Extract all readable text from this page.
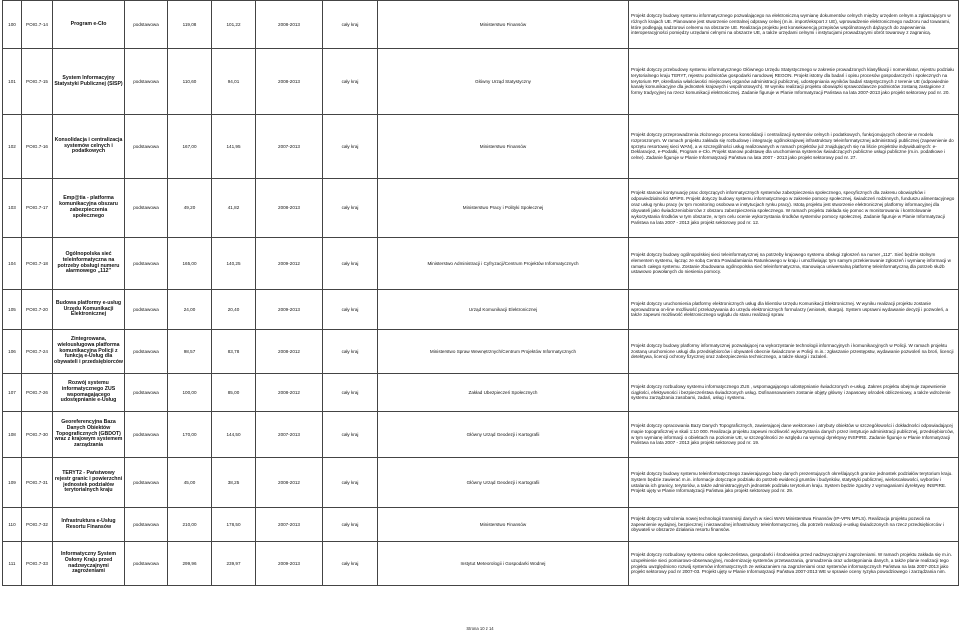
100	POIG.7-14	Program e-Cło	podstawowa	119,08	101,22	2008-2013	cały kraj	Ministerstwo Finansów	Projekt dotyczy budowy systemu informatycznego pozwalającego na elektroniczną wymianę dokumentów celnych między urzędem celnym a zgłaszającym w różnych krajach UE. Planowane jest stworzenie centralnej odprawy celnej (m.in. import/eksport z UE), wprowadzenie elektronicznego nadzoru nad towarami, które podlegają nadzorowi celnemu na obszarze UE. Realizacja projektu jest konsekwencją przepisów wspólnotowych dążących do zapewnienia interoperacyjności pomiędzy urzędami celnymi na obszarze UE, a także urzędami celnymi i instytucjami prowadzącymi obrót towarowy z zagranicą.
101	POIG.7-15	System Informacyjny Statystyki Publicznej (SISP)	podstawowa	110,60	94,01	2008-2013	cały kraj	Główny Urząd Statystyczny	Projekt dotyczy przebudowy systemu informatycznego Głównego Urzędu Statystycznego w zakresie prowadzonych klasyfikacji i nomenklatur, rejestru podziału terytorialnego kraju TERYT, rejestru podmiotów gospodarki narodowej REGON. Projekt istotny dla badań i opisu procesów gospodarczych i społecznych na terytorium RP, określania właściwości miejscowej organów administracji publicznej, udostępniania wyników badań statystycznych z terenie UE (odpowiednie kanały komunikacyjne dla jednostek krajowych i wspólnotowych). W wyniku realizacji projektu obowiązki sprawozdawcze podmiotów zostaną zastąpione z formy tradycyjnej na rzecz komunikacji elektronicznej. Zadanie figuruje w Planie Informatyzacji Państwa na lata 2007-2013 jako projekt sektorowy pod nr. 20.
102	POIG.7-16	Konsolidacja i centralizacja systemów celnych i podatkowych	podstawowa	167,00	141,95	2007-2013	cały kraj	Ministerstwo Finansów	Projekt dotyczy przeprowadzenia złożonego procesu konsolidacji i centralizacji systemów celnych i podatkowych, funkcjonujących obecnie w modelu rozproszonym. W ramach projektu zakłada się rozbudowę i integrację ogólnokrajowej infrastruktury teleinformatycznej administracji publicznej (zapewnienie do sprzętu resortowej sieci WAN), a w szczególności usług realizowanych w ramach projektów już znajdujących się na liście projektów indywidualnych: e-Deklaracje2, e-Podatki, Program e-Cło. Projekt stanowi podstawę dla uruchomienia systemów świadczących publiczne usługi publiczne (m.in. podatkowe i celne). Zadanie figuruje w Planie Informatyzacji Państwa na lata 2007 - 2013 jako projekt sektorowy pod nr. 27.
103	POIG.7-17	Emp@tia - platforma komunikacyjna obszaru zabezpieczenia społecznego	podstawowa	49,20	41,82	2008-2013	cały kraj	Ministerstwo Pracy i Polityki Społecznej	Projekt stanowi kontynuację prac dotyczących informatycznych systemów zabezpieczenia społecznego, specyficznych dla zakresu obowiązków i odpowiedzialności MPiPS. Projekt dotyczy budowy systemu informatycznego w zakresie pomocy społecznej, świadczeń rodzinnych, funduszu alimentacyjnego oraz usług rynku pracy (w tym monitoring osobowa w instytucjach rynku pracy). Istotą projektu jest stworzenie elektronicznej platformy informacyjnej dla obywateli jako świadczeniobiorców z obszaru zabezpieczenia społecznego. W ramach projektu zakłada się pomoc w monitorowaniu i kontrolowanie wykorzystania środków w tym obszarze, w tym celu ocenie wykorzystania środków systemów pomocy społecznej. Zadanie figuruje w Planie Informatyzacji Państwa na lata 2007 - 2013 jako projekt sektorowy pod nr. 12.
104	POIG.7-18	Ogólnopolska sieć teleinformatyczna na potrzeby obsługi numeru alarmowego „112”	podstawowa	165,00	140,25	2009-2012	cały kraj	Ministerstwo Administracji i Cyfryzacji/Centrum Projektów Informatycznych	Projekt dotyczy budowy ogólnopolskiej sieci teleinformatycznej na potrzeby krajowego systemu obsługi zgłoszeń na numer „112”. Sieć będzie stolnym elementem systemu, łącząc ze sobą Centra Powiadamiania Ratunkowego w kraju i umożliwiając tym samym przekierowanie zgłoszeń i wymianę informacji w ramach całego systemu. Zostanie zbudowana ogólnopolska sieć teleinformatyczna, stanowiąca uniwersalną platformę teleinformatyczną dla potrzeb służb ustawowo powołanych do niesienia pomocy.
105	POIG.7-20	Budowa platformy e-usług Urzędu Komunikacji Elektronicznej	podstawowa	24,00	20,40	2009-2013	cały kraj	Urząd Komunikacji Elektronicznej	Projekt dotyczy uruchomienia platformy elektronicznych usług dla klientów Urzędu Komunikacji Elektronicznej. W wyniku realizacji projektu zostanie wprowadzona on-line możliwość przekazywania do urzędu elektronicznych formularzy (wniosek, skarga). System usprawni wydawanie decyzji i pozwoleń, a także zapewni możliwość elektronicznego wglądu do stanu realizacji spraw.
106	POIG.7-24	Zintegrowana, wielousługowa platforma komunikacyjna Policji z funkcją e-Usług dla obywateli i przedsiębiorców	podstawowa	98,57	83,78	2008-2012	cały kraj	Ministerstwo Spraw Wewnętrznych/Centrum Projektów Informatycznych	Projekt dotyczy budowy platformy informatycznej pozwalającej na wykorzystanie technologii informacyjnych i komunikacyjnych w Policji. W ramach projektu zostaną uruchomione usługi dla przedsiębiorców i obywateli obecnie świadczone w Policji m.in.: zgłaszanie przestępstw, wydawanie pozwoleń na broń, licencji detektywa, licencji ochrony fizycznej oraz zabezpieczenia technicznego, a także skargi i zażaleń.
107	POIG.7-26	Rozwój systemu informatycznego ZUS wspomagającego udostępnianie e-Usług	podstawowa	100,00	85,00	2008-2012	cały kraj	Zakład Ubezpieczeń Społecznych	Projekt dotyczy rozbudowy systemu informatycznego ZUS , wspomagającego udostępnianie świadczonych e-usług. Zakres projektu obejmuje zapewnienie ciągłości, efektywności i bezpieczeństwa świadczonych usług. Dofinansowaniem zostanie objęty główny i zapasowy ośrodek obliczeniowy, a także wdrożenie systemu zarządzania zasobami, zadań, usług i systemu.
108	POIG.7-30	Georeferencyjna Baza Danych Obiektów Topograficznych (GBDOT) wraz z krajowym systemem zarządzania	podstawowa	170,00	144,50	2007-2013	cały kraj	Główny Urząd Geodezji i Kartografii	Projekt dotyczy opracowania Bazy Danych Topograficznych, zawierającej dane wektorowe i atrybuty obiektów w szczegółowości i dokładności odpowiadającej mapie topograficznej w skali 1:10 000. Realizacja projektu zapewni możliwość wykorzystania danych przez instytucje administracji publicznej, przedsiębiorców, w tym wymianę informacji o obiektach na poziomie UE, w szczególności ze względu na wymogi dyrektywy INSPIRE. Zadanie figuruje w Planie Informatyzacji Państwa na lata 2007 - 2013 jako projekt sektorowy pod nr. 19.
109	POIG.7-31	TERYT2 - Państwowy rejestr granic i powierzchni jednostek podziałów terytorialnych kraju	podstawowa	45,00	38,25	2008-2012	cały kraj	Główny Urząd Geodezji i Kartografii	Projekt dotyczy budowy systemu teleinformatycznego zawierającego bazę danych prezentujących określających granice jednostek podziałów terytorium kraju. System będzie zawierać m.in. informacje dotyczące podziału do potrzeb ewidencji gruntów i budynków, statystyki publicznej, wieloscałowości, wyborów i ustalania ich granicy, terytoriów, a także administracyjnych jednostek podziału terytorium kraju. System będzie zgodny z wymaganiami dyrektywy INSPIRE. Projekt ujęty w Planie Informatyzacji Państwa jako projekt sektorowy pod nr. 29.
110	POIG.7-32	Infrastruktura e-Usług Resortu Finansów	podstawowa	210,00	178,50	2007-2013	cały kraj	Ministerstwo Finansów	Projekt dotyczy wdrożenia nowej technologii transmisji danych w sieci WAN Ministerstwa Finansów (IP-VPN MPLS). Realizacja projektu pozwoli na zapewnienie wydajnej, bezpiecznej i niezawodnej infrastruktury teleinformatycznej, dla potrzeb realizacji e-usług świadczonych na rzecz przedsiębiorców i obywateli w obszarze działania resortu finansów.
111	POIG.7-33	Informatyczny System Osłony Kraju przed nadzwyczajnymi zagrożeniami	podstawowa	299,96	239,97	2009-2013	cały kraj	Instytut Meteorologii i Gospodarki Wodnej	Projekt dotyczy rozbudowy systemu osłon społeczeństwa, gospodarki i środowiska przed nadzwyczajnymi zagrożeniami. W ramach projektu zakłada się m.in. uzupełnienie sieci pomiarowo-obserwacyjnej, modernizację systemów przetwarzania, gromadzenia oraz udostępniania danych, a także planie realizacji tego projektu uwzględniono rozwój systemów informatycznych ze wskazaniem na zagrożeniami oraz systemów informatycznych Państwa na lata 2007-2013 jako projekt sektorowy pod nr 2007-03. Projekt ujęty w Planie Informatyzacji Państwa 2007-2013 WE w sprawie oceny ryzyka powodziowego i zarządzania nim.
Strona 10 z 14
